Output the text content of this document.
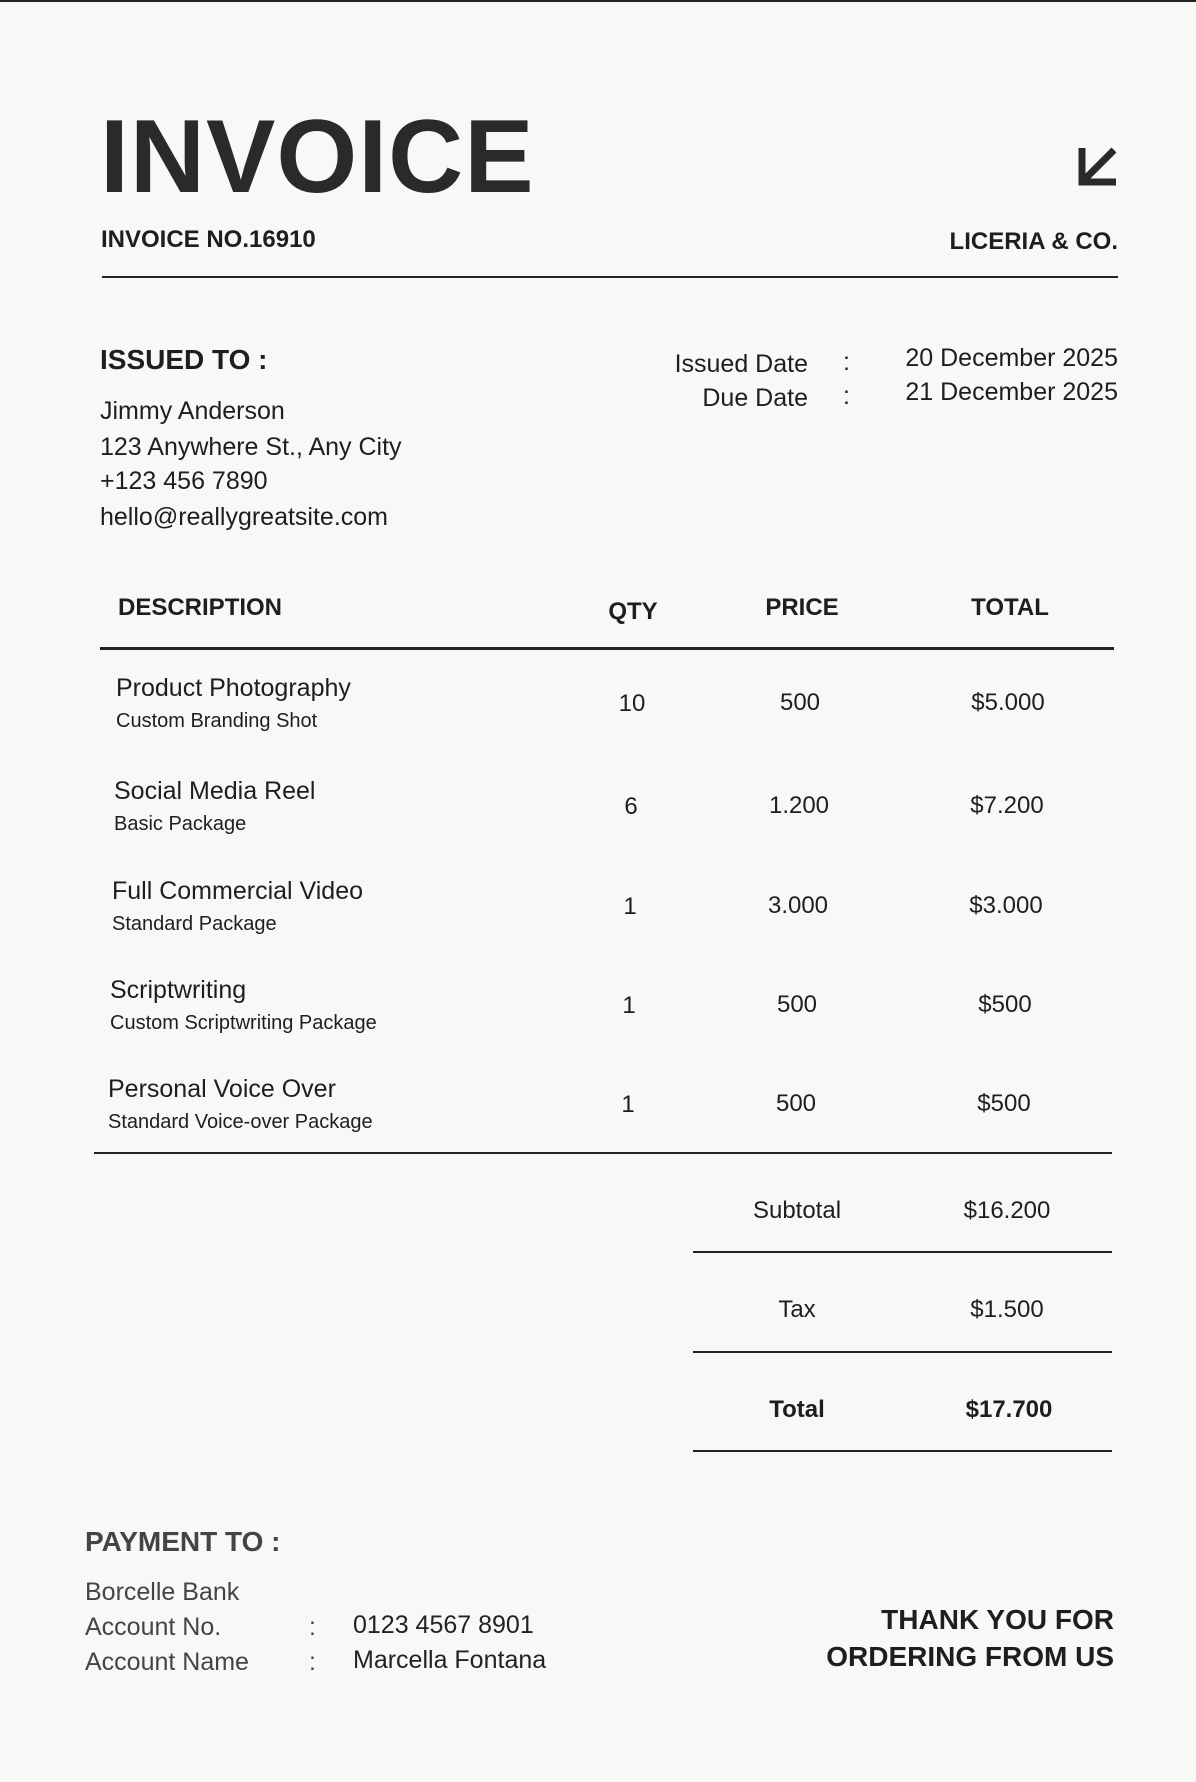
INVOICE
INVOICE NO.16910	LICERIA & CO.
ISSUED TO :
Jimmy Anderson
123 Anywhere St., Any City
+123 456 7890
hello@reallygreatsite.com
Issued Date :	20 December 2025
Due Date :	21 December 2025
DESCRIPTION	QTY	PRICE	TOTAL
Product Photography
Custom Branding Shot
10	500	$5.000
Social Media Reel
Basic Package
6	1.200	$7.200
Full Commercial Video
Standard Package
1	3.000	$3.000
Scriptwriting
Custom Scriptwriting Package
1	500	$500
Personal Voice Over
Standard Voice-over Package
1	500	$500
Subtotal	$16.200
Tax	$1.500
Total	$17.700
PAYMENT TO :
Borcelle Bank
Account No.	: 0123 4567 8901
Account Name : Marcella Fontana
THANK YOU FOR
ORDERING FROM US
